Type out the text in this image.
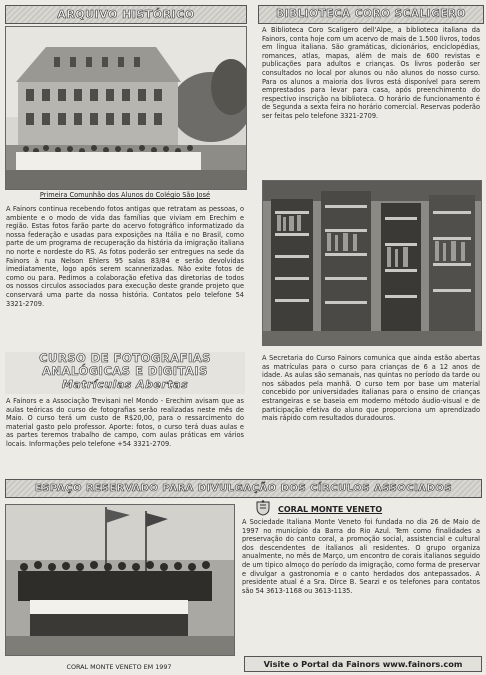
ARQUIVO HISTÓRICO
Primeira Comunhão dos Alunos do Colégio São José

A Fainors continua recebendo fotos antigas que retratam as pessoas, o ambiente e o modo de vida das famílias que viviam em Erechim e região. Estas fotos farão parte do acervo fotográfico informatizado da nossa federação e usadas para exposições na Itália e no Brasil, como parte de um programa de recuperação da história da imigração italiana no norte e nordeste do RS. As fotos poderão ser entregues na sede da Fainors à rua Nelson Ehlers 95 salas 83/84 e serão devolvidas imediatamente, logo após serem scannerizadas. Não exite fotos de como ou para. Pedimos a colaboração efetiva das diretorias de todos os nossos circulos associados para execução deste grande projeto que conservará uma parte da nossa história. Contatos pelo telefone 54 3321-2709.

BIBLIOTECA CORO SCALIGERO

A Biblioteca Coro Scaligero dell'Alpe, a biblioteca italiana da Fainors, conta hoje com um acervo de mais de 1.500 livros, todos em língua italiana. São gramáticas, dicionários, enciclopédias, romances, atlas, mapas, além de mais de 600 revistas e publicações para adultos e crianças. Os livros poderão ser consultados no local por alunos ou não alunos do nosso curso. Para os alunos a maioria dos livros está disponível para serem emprestados para levar para casa, após preenchimento do respectivo inscrição na biblioteca. O horário de funcionamento é de Segunda a sexta feira no horário comercial. Reservas poderão ser feitas pelo telefone 3321-2709.

CURSO DE FOTOGRAFIAS
ANALÓGICAS E DIGITAIS
Matrículas Abertas

A Fainors e a Associação Trevisani nel Mondo - Erechim avisam que as aulas teóricas do curso de fotografias serão realizadas neste mês de Maio. O curso terá um custo de R$20,00, para o ressarcimento do material gasto pelo professor. Aporte: fotos, o curso terá duas aulas e as partes teremos trabalho de campo, com aulas práticas em vários locais. Informações pelo telefone +54 3321-2709.

A Secretaria do Curso Fainors comunica que ainda estão abertas as matrículas para o curso para crianças de 6 a 12 anos de idade. As aulas são semanais, nas quintas no período da tarde ou nos sábados pela manhã. O curso tem por base um material concebido por universidades italianas para o ensino de crianças estrangeiras e se baseia em moderno método áudio-visual e de participação efetiva do aluno que proporciona um aprendizado mais rápido com resultados duradouros.

ESPAÇO RESERVADO PARA DIVULGAÇÃO DOS CÍRCULOS ASSOCIADOS
CORAL MONTE VENETO EM 1997
CORAL MONTE VENETO

A Sociedade Italiana Monte Veneto foi fundada no dia 26 de Maio de 1997 no município da Barra do Rio Azul. Tem como finalidades a preservação do canto coral, a promoção social, assistencial e cultural dos descendentes de italianos ali residentes. O grupo organiza anualmente, no mês de Março, um encontro de corais italianos seguido de um tipico almoço do período da imigração, como forma de preservar e divulgar a gastronomia e o canto herdados dos antepassados. A presidente atual é a Sra. Dirce B. Searzi e os telefones para contatos são 54 3613-1168 ou 3613-1135.

Visite o Portal da Fainors www.fainors.com
